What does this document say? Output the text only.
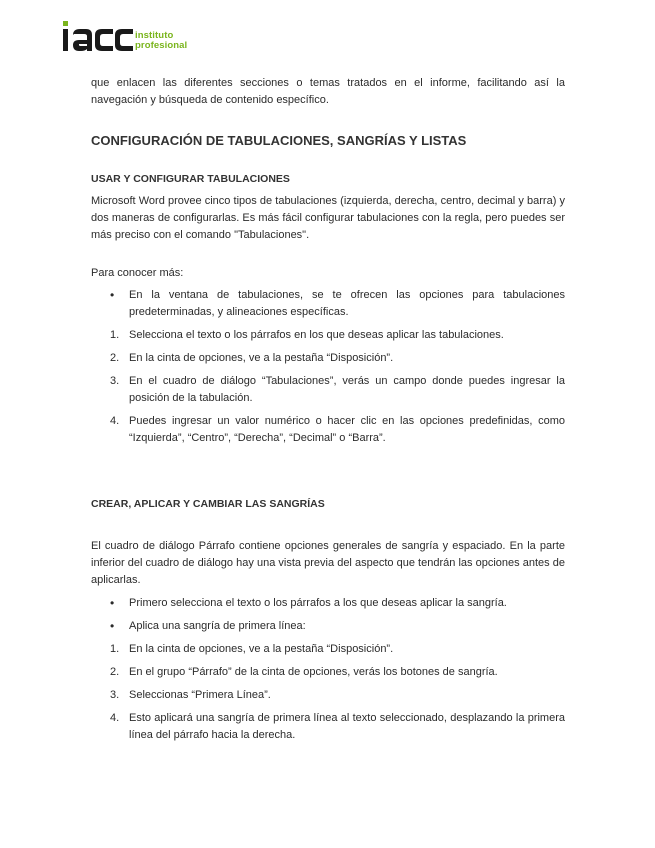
instituto
profesional

que enlacen las diferentes secciones o temas tratados en el informe, facilitando así la navegación y búsqueda de contenido específico.

CONFIGURACIÓN DE TABULACIONES, SANGRÍAS Y LISTAS
USAR Y CONFIGURAR TABULACIONES

Microsoft Word provee cinco tipos de tabulaciones (izquierda, derecha, centro, decimal y barra) y dos maneras de configurarlas. Es más fácil configurar tabulaciones con la regla, pero puedes ser más preciso con el comando "Tabulaciones".

Para conocer más:

•	En la ventana de tabulaciones, se te ofrecen las opciones para tabulaciones predeterminadas, y alineaciones específicas.
1. Selecciona el texto o los párrafos en los que deseas aplicar las tabulaciones.
2. En la cinta de opciones, ve a la pestaña “Disposición”.
3. En el cuadro de diálogo “Tabulaciones”, verás un campo donde puedes ingresar la posición de la tabulación.
4. Puedes ingresar un valor numérico o hacer clic en las opciones predefinidas, como “Izquierda”, “Centro”, “Derecha”, “Decimal” o “Barra”.
CREAR, APLICAR Y CAMBIAR LAS SANGRÍAS

El cuadro de diálogo Párrafo contiene opciones generales de sangría y espaciado. En la parte inferior del cuadro de diálogo hay una vista previa del aspecto que tendrán las opciones antes de aplicarlas.

•	Primero selecciona el texto o los párrafos a los que deseas aplicar la sangría.
•	Aplica una sangría de primera línea:
1. En la cinta de opciones, ve a la pestaña “Disposición”.
2. En el grupo “Párrafo” de la cinta de opciones, verás los botones de sangría.
3. Seleccionas “Primera Línea”.
4. Esto aplicará una sangría de primera línea al texto seleccionado, desplazando la primera línea del párrafo hacia la derecha.
